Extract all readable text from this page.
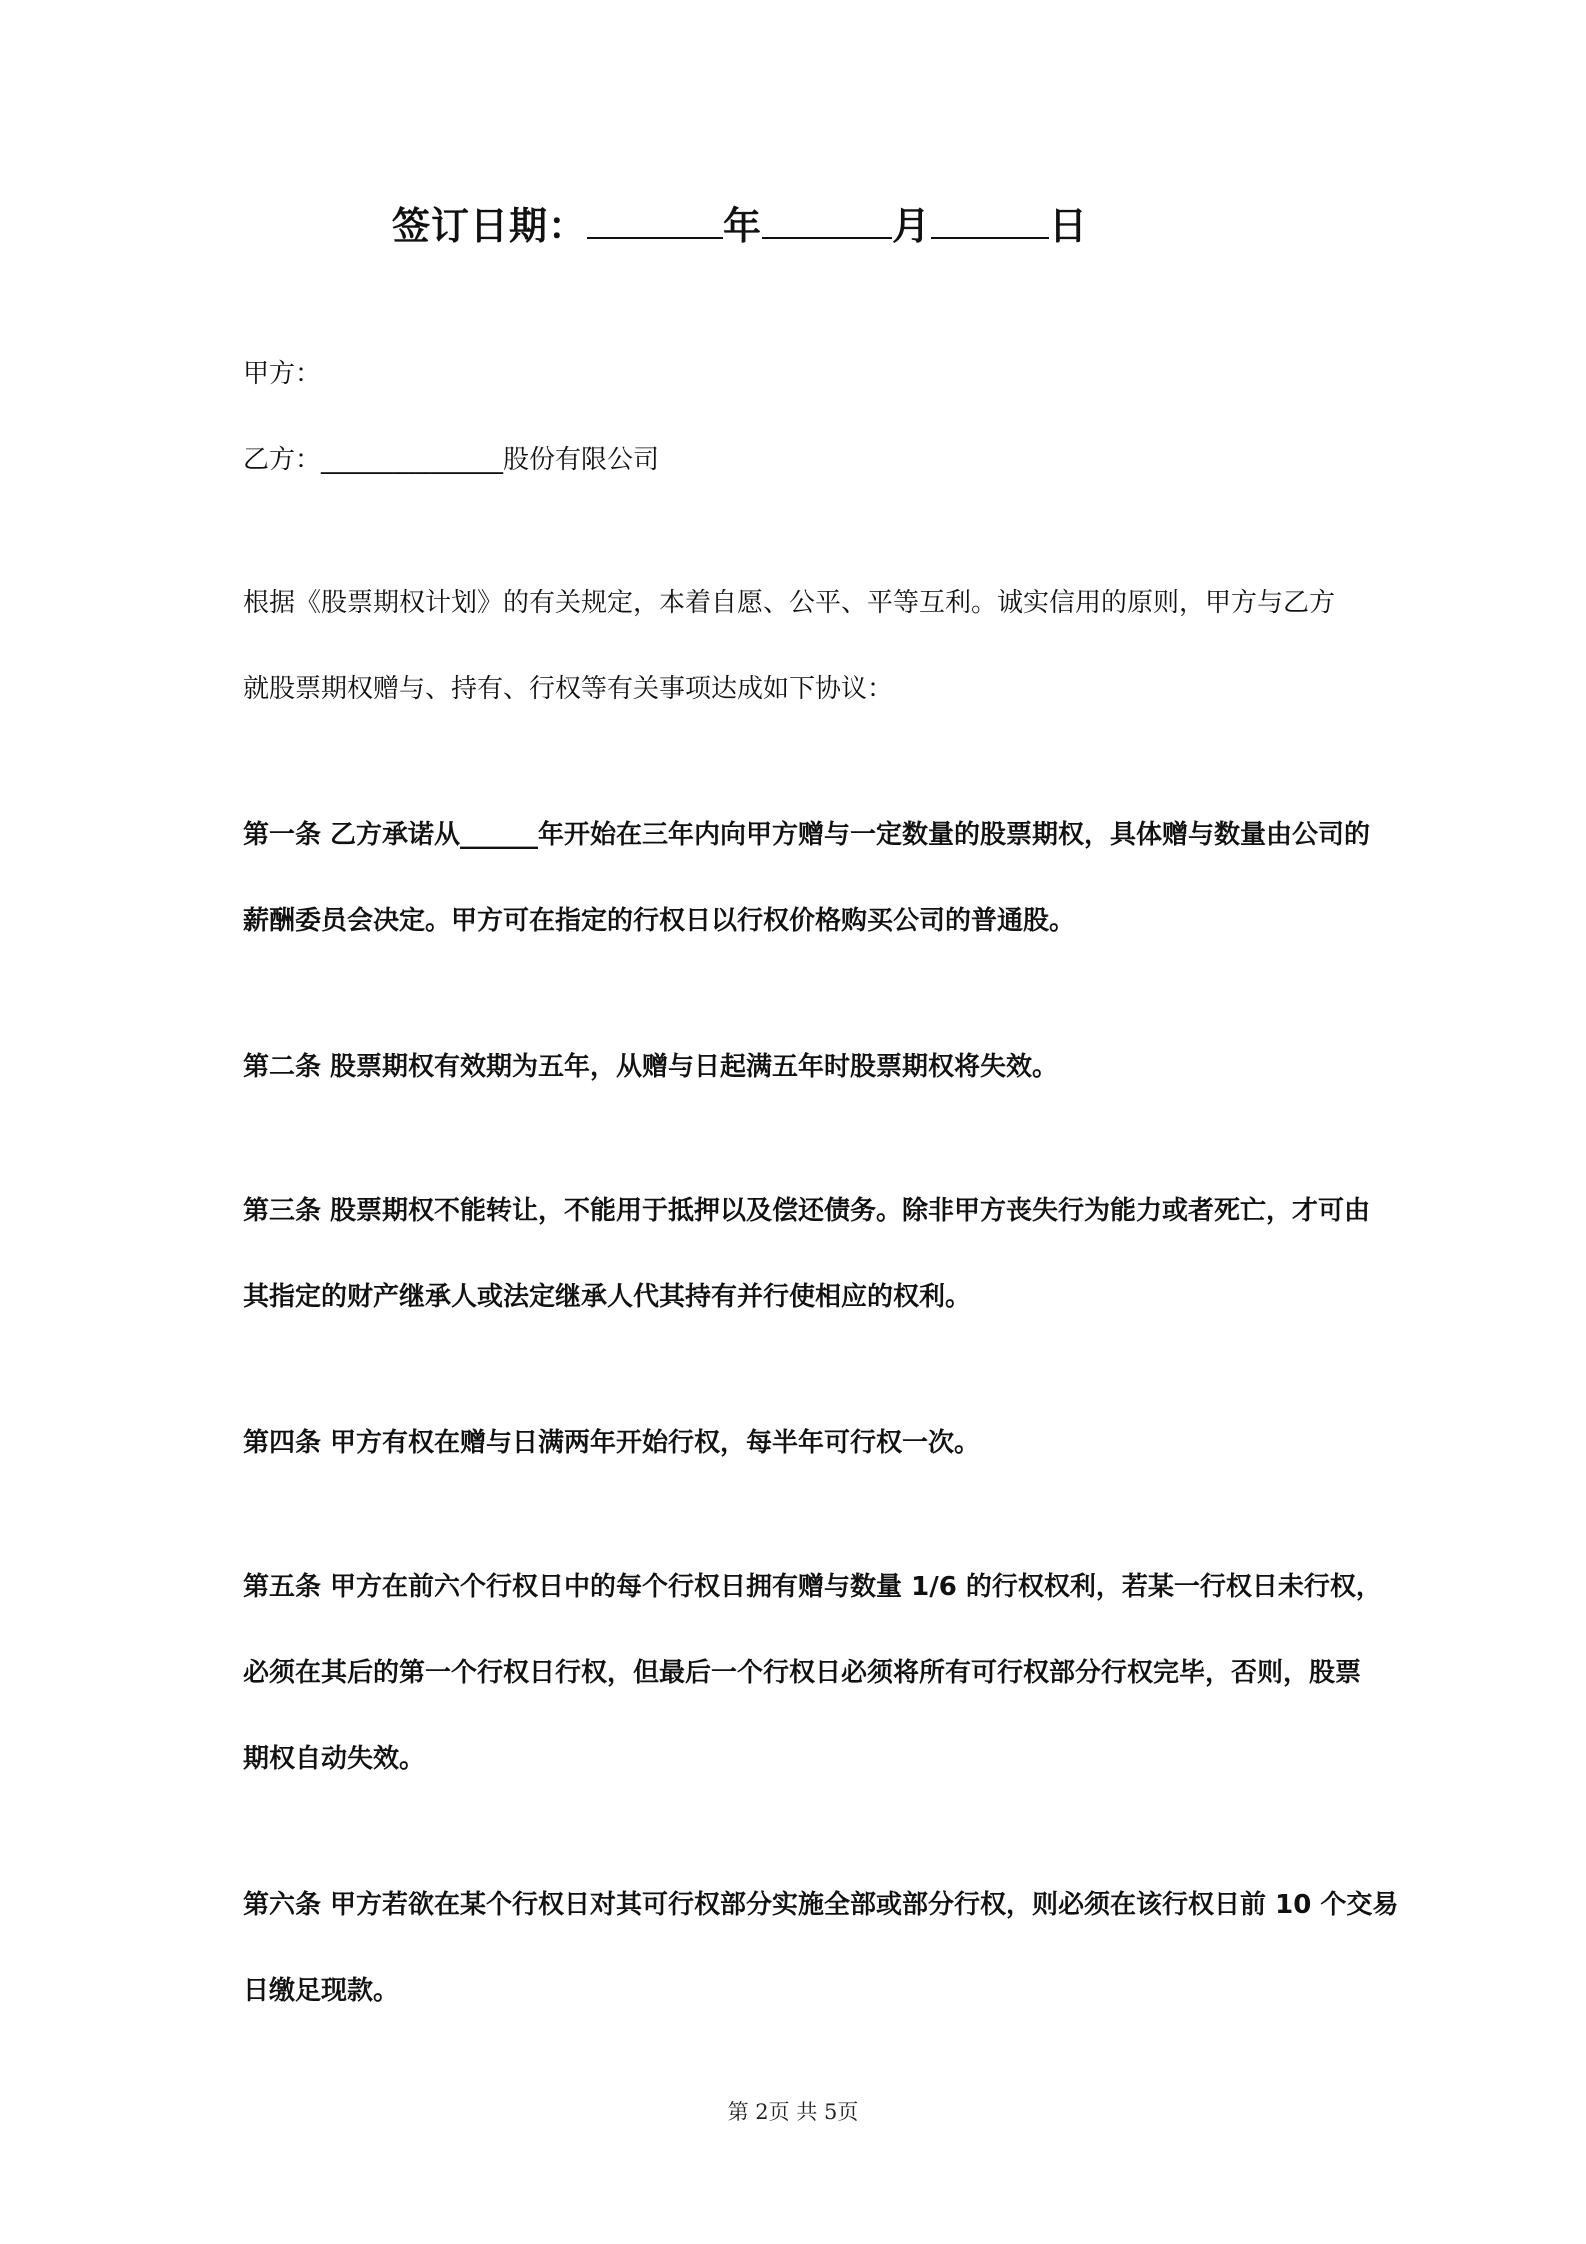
签订日期：	年	月	日
甲方：
乙方：______________股份有限公司
根据《股票期权计划》的有关规定，本着自愿、公平、平等互利。诚实信用的原则，甲方与乙方
就股票期权赠与、持有、行权等有关事项达成如下协议：
第一条 乙方承诺从______年开始在三年内向甲方赠与一定数量的股票期权，具体赠与数量由公司的
薪酬委员会决定。甲方可在指定的行权日以行权价格购买公司的普通股。
第二条 股票期权有效期为五年，从赠与日起满五年时股票期权将失效。
第三条 股票期权不能转让，不能用于抵押以及偿还债务。除非甲方丧失行为能力或者死亡，才可由
其指定的财产继承人或法定继承人代其持有并行使相应的权利。
第四条 甲方有权在赠与日满两年开始行权，每半年可行权一次。
第五条 甲方在前六个行权日中的每个行权日拥有赠与数量 1/6 的行权权利，若某一行权日未行权，
必须在其后的第一个行权日行权，但最后一个行权日必须将所有可行权部分行权完毕，否则，股票
期权自动失效。
第六条 甲方若欲在某个行权日对其可行权部分实施全部或部分行权，则必须在该行权日前 10 个交易
日缴足现款。
第 2页 共 5页
